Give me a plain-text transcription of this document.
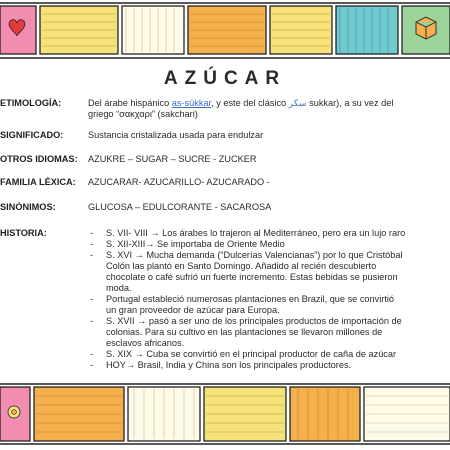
AZÚCAR
ETIMOLOGÍA:	Del árabe hispánico as-súkkar, y este del clásico سكر sukkar), a su vez del
griego “σακχαρι” (sakchari)
SIGNIFICADO:	Sustancia cristalizada usada para endulzar
OTROS IDIOMAS:	AZUKRE – SUGAR – SUCRE - ZUCKER
FAMILIA LÉXICA:	AZUCARAR- AZUCARILLO- AZUCARADO -
SINÓNIMOS:	GLUCOSA – EDULCORANTE - SACAROSA
HISTORIA:
-	S. VII- VIII → Los árabes lo trajeron al Mediterráneo, pero era un lujo raro
- S. XII-XIII→ Se importaba de Oriente Medio
- S. XVI → Mucha demanda (“Dulcerías Valencianas”) por lo que Cristóbal
Colón las plantó en Santo Domingo. Añadido al recién descubierto
chocolate o café sufrió un fuerte incremento. Estas bebidas se pusieron
moda.
- Portugal estableció numerosas plantaciones en Brazil, que se convirtió
un gran proveedor de azúcar para Europa.
- S. XVII → pasó a ser uno de los principales productos de importación de
colonias. Para su cultivo en las plantaciones se llevaron millones de
esclavos africanos.
- S. XIX → Cuba se convirtió en el principal productor de caña de azúcar
- HOY→ Brasil, India y China son los principales productores.
